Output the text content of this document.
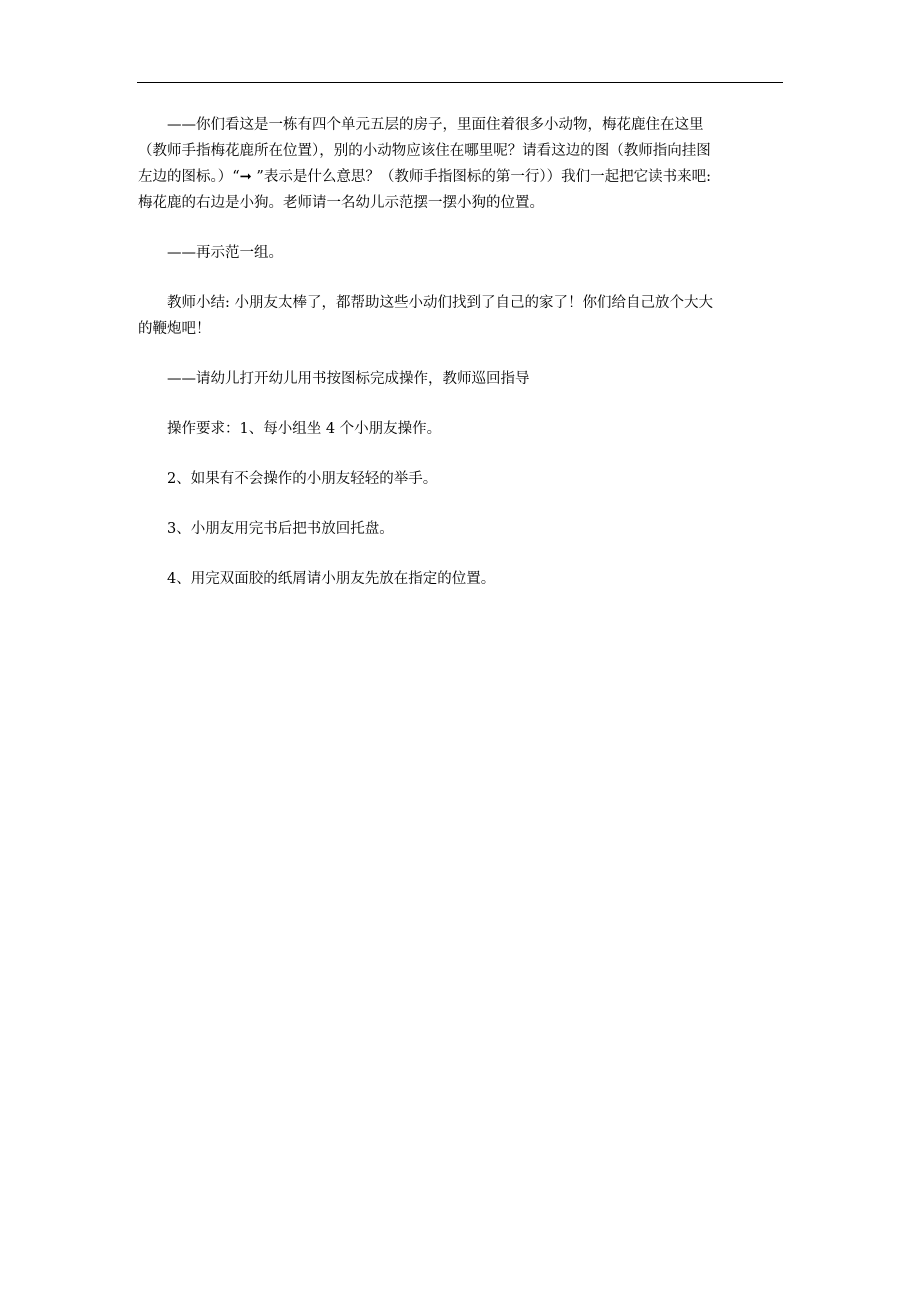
——你们看这是一栋有四个单元五层的房子，里面住着很多小动物，梅花鹿住在这里
（教师手指梅花鹿所在位置），别的小动物应该住在哪里呢？请看这边的图（教师指向挂图
左边的图标。）“➞ ”表示是什么意思？（教师手指图标的第一行））我们一起把它读书来吧:
梅花鹿的右边是小狗。老师请一名幼儿示范摆一摆小狗的位置。
——再示范一组。
教师小结: 小朋友太棒了，都帮助这些小动们找到了自己的家了！你们给自己放个大大
的鞭炮吧！
——请幼儿打开幼儿用书按图标完成操作，教师巡回指导
操作要求：1、每小组坐 4 个小朋友操作。
2、如果有不会操作的小朋友轻轻的举手。
3、小朋友用完书后把书放回托盘。
4、用完双面胶的纸屑请小朋友先放在指定的位置。
